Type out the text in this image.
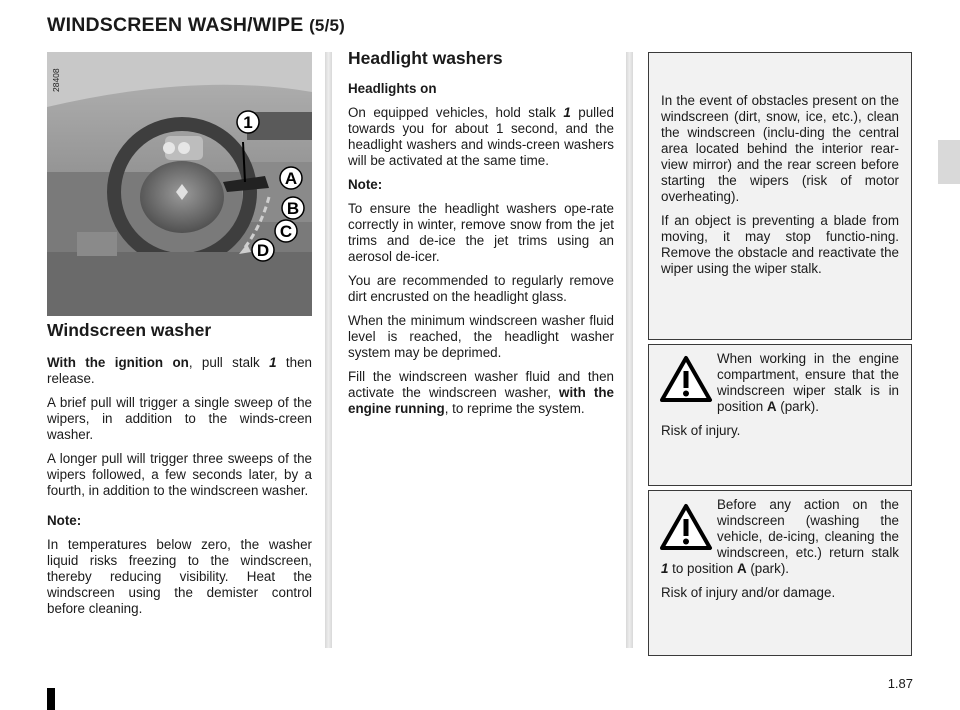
WINDSCREEN WASH/WIPE (5/5)
1
A
B
C
D
28408
Windscreen washer

With the ignition on, pull stalk 1 then release.

A brief pull will trigger a single sweep of the wipers, in addition to the winds-creen washer.

A longer pull will trigger three sweeps of the wipers followed, a few seconds later, by a fourth, in addition to the windscreen washer.

Note:

In temperatures below zero, the washer liquid risks freezing to the windscreen, thereby reducing visibility. Heat the windscreen using the demister control before cleaning.

Headlight washers

Headlights on

On equipped vehicles, hold stalk 1 pulled towards you for about 1 second, and the headlight washers and winds-creen washers will be activated at the same time.

Note:

To ensure the headlight washers ope-rate correctly in winter, remove snow from the jet trims and de-ice the jet trims using an aerosol de-icer.

You are recommended to regularly remove dirt encrusted on the headlight glass.

When the minimum windscreen washer fluid level is reached, the headlight washer system may be deprimed.

Fill the windscreen washer fluid and then activate the windscreen washer, with the engine running, to reprime the system.

In the event of obstacles present on the windscreen (dirt, snow, ice, etc.), clean the windscreen (inclu-ding the central area located behind the interior rear-view mirror) and the rear screen before starting the wipers (risk of motor overheating).

If an object is preventing a blade from moving, it may stop functio-ning. Remove the obstacle and reactivate the wiper using the wiper stalk.

When working in the engine compartment, ensure that the windscreen wiper stalk is in position A (park).

Risk of injury.

Before any action on the windscreen (washing the vehicle, de-icing, cleaning the windscreen, etc.) return stalk 1 to position A (park).

Risk of injury and/or damage.

1.87
